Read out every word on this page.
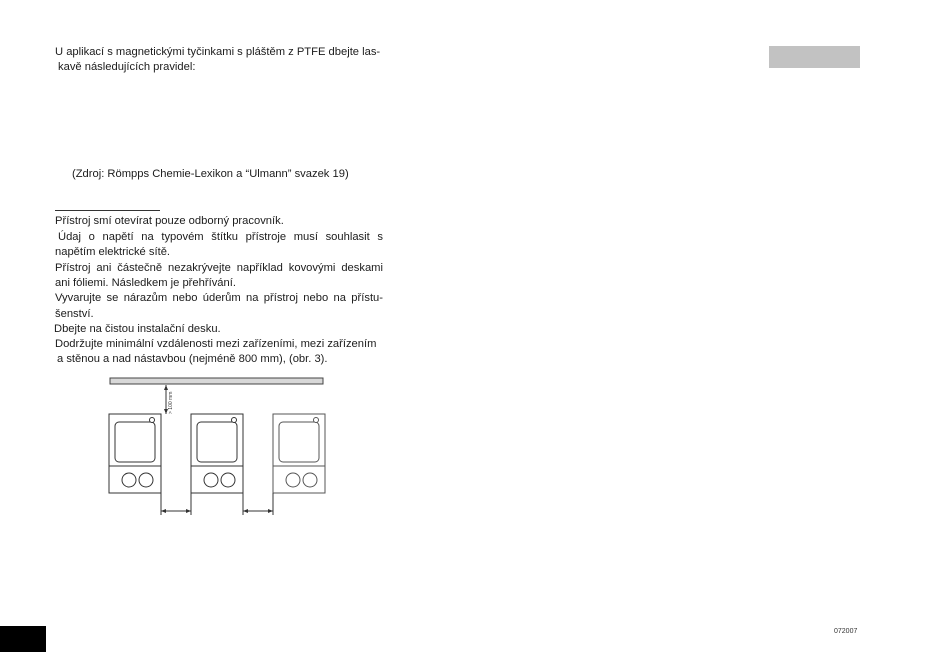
U aplikací s magnetickými tyčinkami s pláštěm z PTFE dbejte las-
kavě následujících pravidel:
(Zdroj: Römpps Chemie-Lexikon a “Ulmann” svazek 19)
Přístroj smí otevírat pouze odborný pracovník.
Údaj o napětí na typovém štítku přístroje musí souhlasit s
napětím elektrické sítě.
Přístroj ani částečně nezakrývejte například kovovými deskami
ani fóliemi. Následkem je přehřívání.
Vyvarujte se nárazům nebo úderům na přístroj nebo na přístu-
šenství.
Dbejte na čistou instalační desku.
Dodržujte minimální vzdálenosti mezi zařízeními, mezi zařízením
a stěnou a nad nástavbou (nejméně 800 mm), (obr. 3).
> 100 mm
072007
